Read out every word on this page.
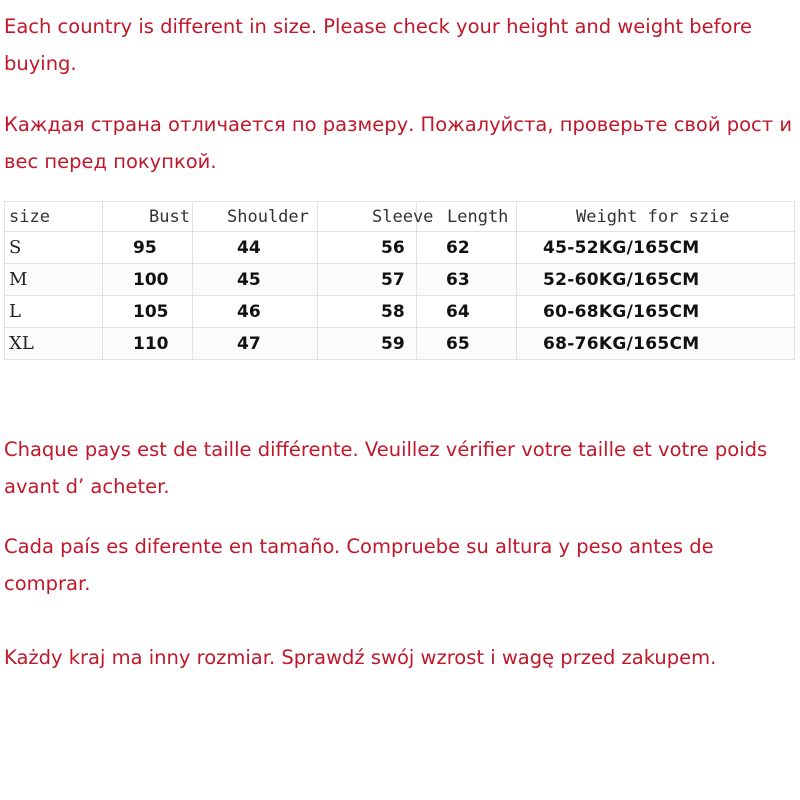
Each country is different in size. Please check your height and weight before buying.

Каждая страна отличается по размеру. Пожалуйста, проверьте свой рост и вес перед покупкой.

size	Bust	Shoulder	Sleeve	Length	Weight for szie
S	95	44	56	62	45-52KG/165CM
M	100	45	57	63	52-60KG/165CM
L	105	46	58	64	60-68KG/165CM
XL	110	47	59	65	68-76KG/165CM

Chaque pays est de taille différente. Veuillez vérifier votre taille et votre poids avant d’ acheter.

Cada país es diferente en tamaño. Compruebe su altura y peso antes de comprar.

Każdy kraj ma inny rozmiar. Sprawdź swój wzrost i wagę przed zakupem.
